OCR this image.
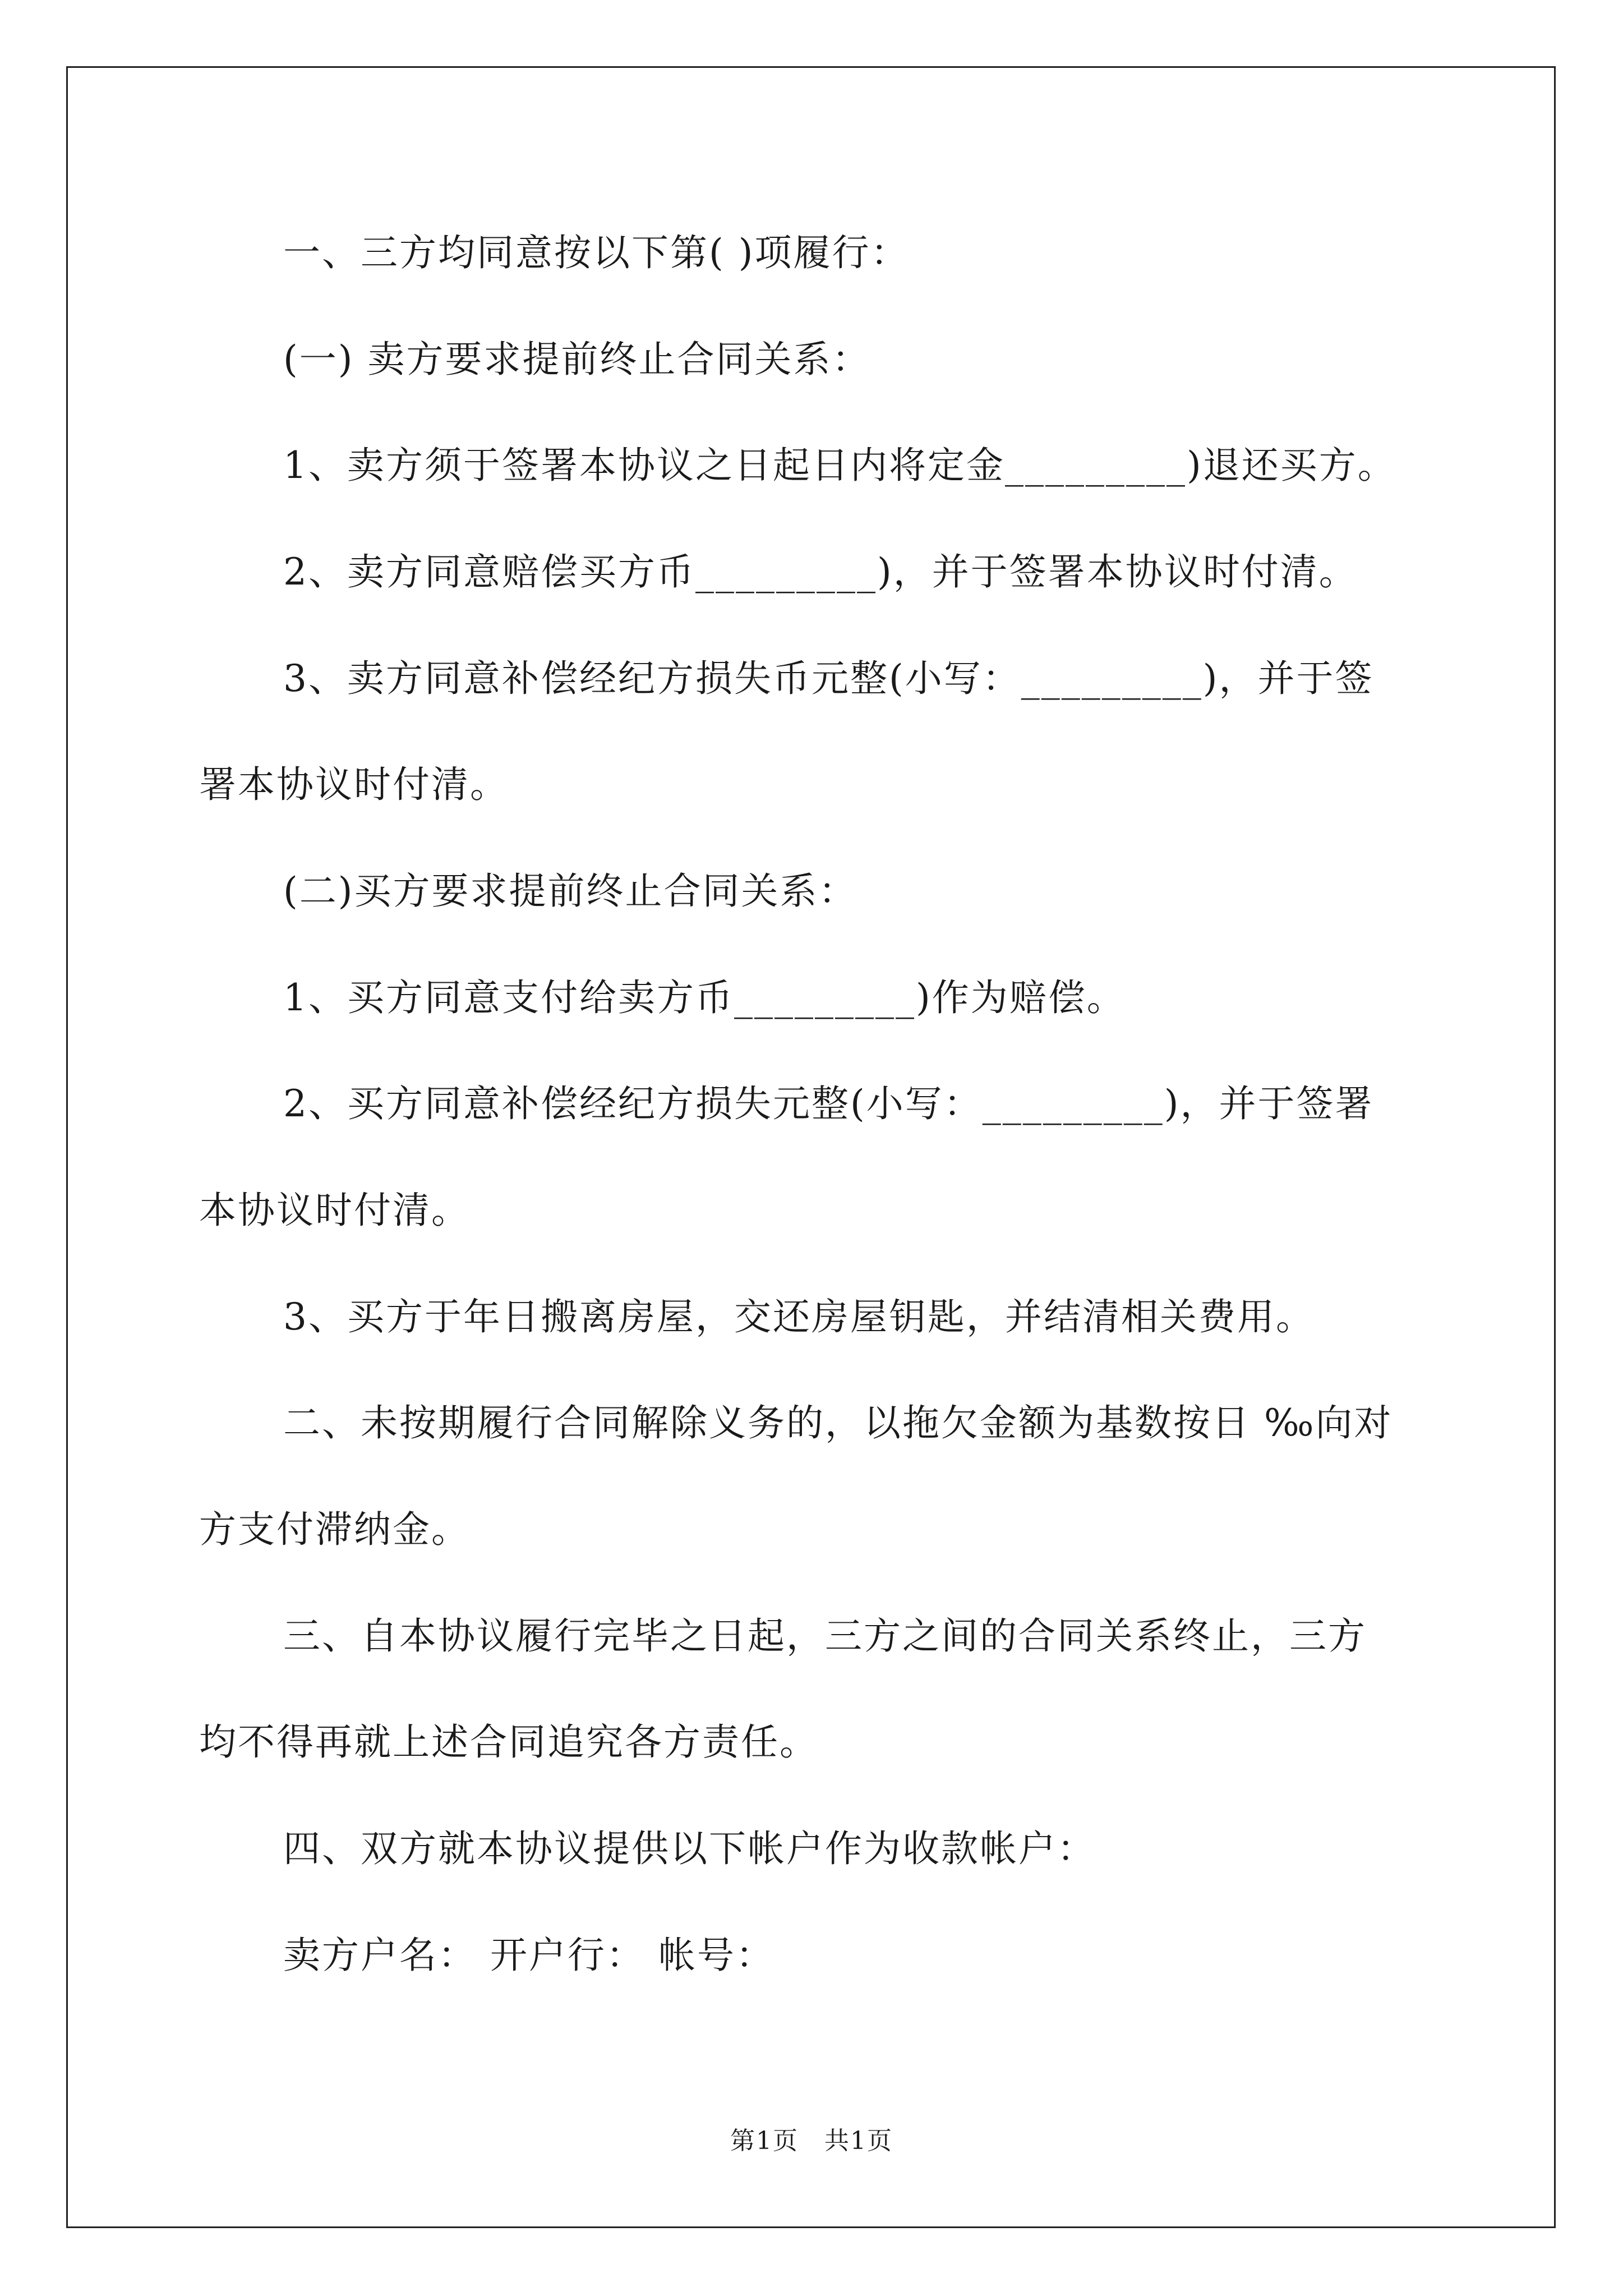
一、三方均同意按以下第( )项履行：
(一) 卖方要求提前终止合同关系：
1、卖方须于签署本协议之日起日内将定金_________)退还买方。
2、卖方同意赔偿买方币_________)，并于签署本协议时付清。
3、卖方同意补偿经纪方损失币元整(小写：_________)，并于签
署本协议时付清。
(二)买方要求提前终止合同关系：
1、买方同意支付给卖方币_________)作为赔偿。
2、买方同意补偿经纪方损失元整(小写：_________)，并于签署
本协议时付清。
3、买方于年日搬离房屋，交还房屋钥匙，并结清相关费用。
二、未按期履行合同解除义务的，以拖欠金额为基数按日 ‰向对
方支付滞纳金。
三、自本协议履行完毕之日起，三方之间的合同关系终止，三方
均不得再就上述合同追究各方责任。
四、双方就本协议提供以下帐户作为收款帐户：
卖方户名： 开户行： 帐号：
第1页　共1页
